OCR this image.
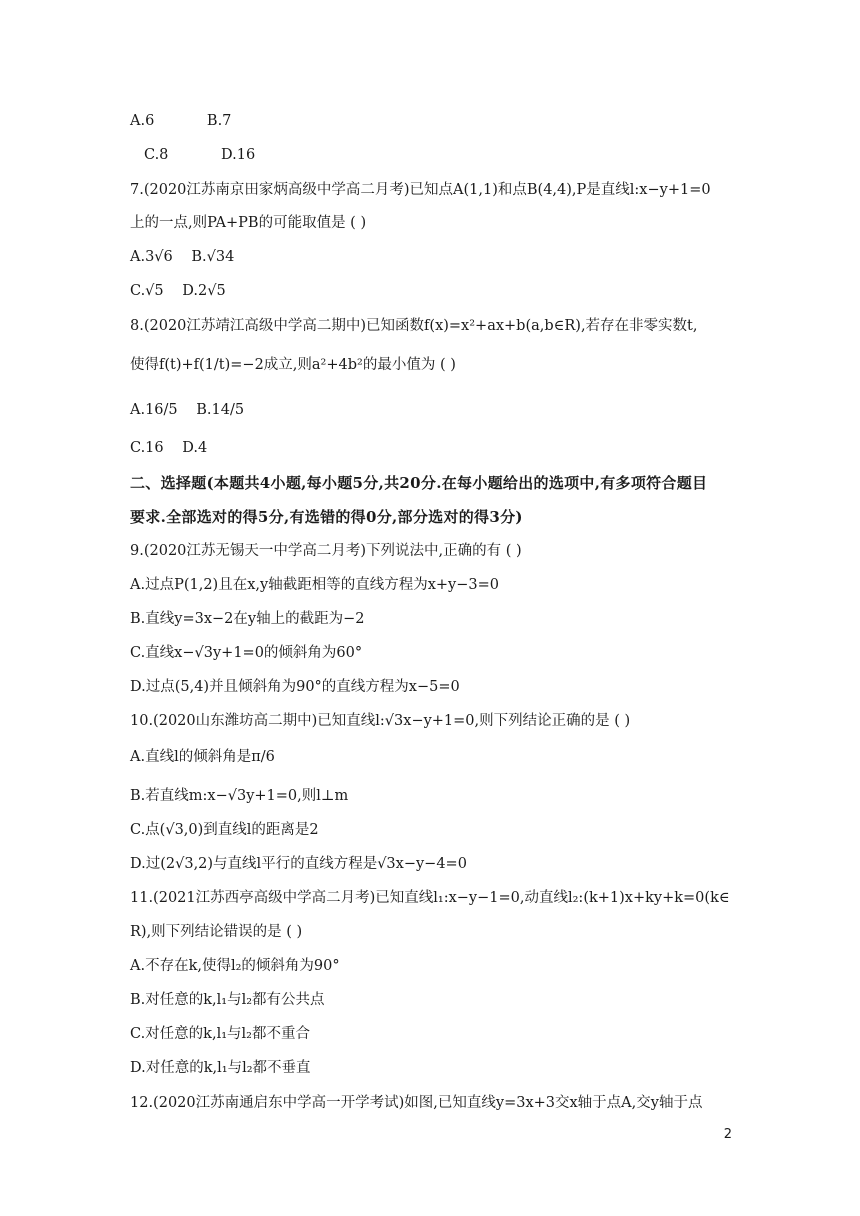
A.6 B.7
C.8 D.16
7.(2020江苏南京田家炳高级中学高二月考)已知点A(1,1)和点B(4,4),P是直线l:x−y+1=0
上的一点,则PA+PB的可能取值是 ( )
A.3√6 B.√34
C.√5 D.2√5
8.(2020江苏靖江高级中学高二期中)已知函数f(x)=x²+ax+b(a,b∈R),若存在非零实数t,
使得f(t)+f(1/t)=−2成立,则a²+4b²的最小值为 ( )
A.16/5 B.14/5
C.16 D.4
二、选择题(本题共4小题,每小题5分,共20分.在每小题给出的选项中,有多项符合题目
要求.全部选对的得5分,有选错的得0分,部分选对的得3分)
9.(2020江苏无锡天一中学高二月考)下列说法中,正确的有 ( )
A.过点P(1,2)且在x,y轴截距相等的直线方程为x+y−3=0
B.直线y=3x−2在y轴上的截距为−2
C.直线x−√3y+1=0的倾斜角为60°
D.过点(5,4)并且倾斜角为90°的直线方程为x−5=0
10.(2020山东潍坊高二期中)已知直线l:√3x−y+1=0,则下列结论正确的是 ( )
A.直线l的倾斜角是π/6
B.若直线m:x−√3y+1=0,则l⊥m
C.点(√3,0)到直线l的距离是2
D.过(2√3,2)与直线l平行的直线方程是√3x−y−4=0
11.(2021江苏西亭高级中学高二月考)已知直线l₁:x−y−1=0,动直线l₂:(k+1)x+ky+k=0(k∈
R),则下列结论错误的是 ( )
A.不存在k,使得l₂的倾斜角为90°
B.对任意的k,l₁与l₂都有公共点
C.对任意的k,l₁与l₂都不重合
D.对任意的k,l₁与l₂都不垂直
12.(2020江苏南通启东中学高一开学考试)如图,已知直线y=3x+3交x轴于点A,交y轴于点
2
